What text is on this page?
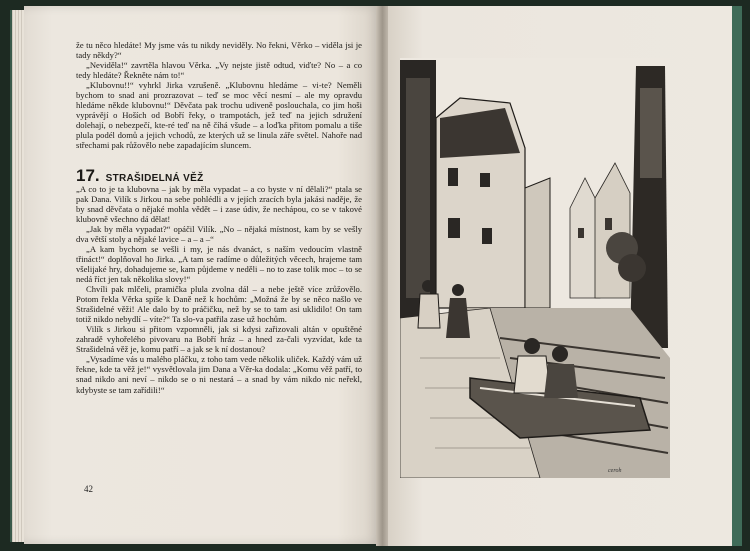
že tu něco hledáte! My jsme vás tu nikdy neviděly. No řekni, Věrko – viděla jsi je tady někdy?“

„Neviděla!“ zavrtěla hlavou Věrka. „Vy nejste jistě odtud, viďte? No – a co tedy hledáte? Řekněte nám to!“

„Klubovnu!!“ vyhrkl Jirka vzrušeně. „Klubovnu hledáme – vi-te? Neměli bychom to snad ani prozrazovat – teď se moc věcí nesmí – ale my opravdu hledáme někde klubovnu!“ Děvčata pak trochu udiveně poslouchala, co jim hoši vyprávějí o Hoších od Bobří řeky, o trampotách, jež teď na jejich sdružení dolehají, o nebezpečí, kte-ré teď na ně číhá všude – a loďka přitom pomalu a tiše plula podél domů a jejich vchodů, ze kterých už se linula záře světel. Nahoře nad střechami pak růžovělo nebe zapadajícím sluncem.

17. STRAŠIDELNÁ VĚŽ

„A co to je ta klubovna – jak by měla vypadat – a co byste v ní dělali?“ ptala se pak Dana. Vilík s Jirkou na sebe pohlédli a v jejích zracích byla jakási naděje, že by snad děvčata o nějaké mohla vědět – i zase údiv, že nechápou, co se v takové klubovně všechno dá dělat!

„Jak by měla vypadat?“ opáčil Vilík. „No – nějaká místnost, kam by se vešly dva větší stoly a nějaké lavice – a – a –“

„A kam bychom se vešli i my, je nás dvanáct, s naším vedoucím vlastně třináct!“ doplňoval ho Jirka. „A tam se radíme o důležitých věcech, hrajeme tam všelijaké hry, dohadujeme se, kam půjdeme v neděli – no to zase tolik moc – to se nedá říct jen tak několika slovy!“

Chvíli pak mlčeli, pramička plula zvolna dál – a nebe ještě více zrůžovělo. Potom řekla Věrka spíše k Daně než k hochům: „Možná že by se něco našlo ve Strašidelné věži! Ale dalo by to práčičku, než by se to tam asi uklidilo! On tam totiž nikdo nebydlí – víte?“ Ta slo-va patřila zase už hochům.

Vilík s Jirkou si přitom vzpomněli, jak si kdysi zařizovali altán v opuštěné zahradě vyhořelého pivovaru na Bobří hráz – a hned za-čali vyzvídat, kde ta Strašidelná věž je, komu patří – a jak se k ní dostanou?

„Vysadíme vás u malého pláčku, z toho tam vede několik uliček. Každý vám už řekne, kde ta věž je!“ vysvětlovala jim Dana a Věr-ka dodala: „Komu věž patří, to snad nikdo ani neví – nikdo se o ni nestará – a snad by vám nikdo nic neřekl, kdybyste se tam zařídili!“

42
ceroh
